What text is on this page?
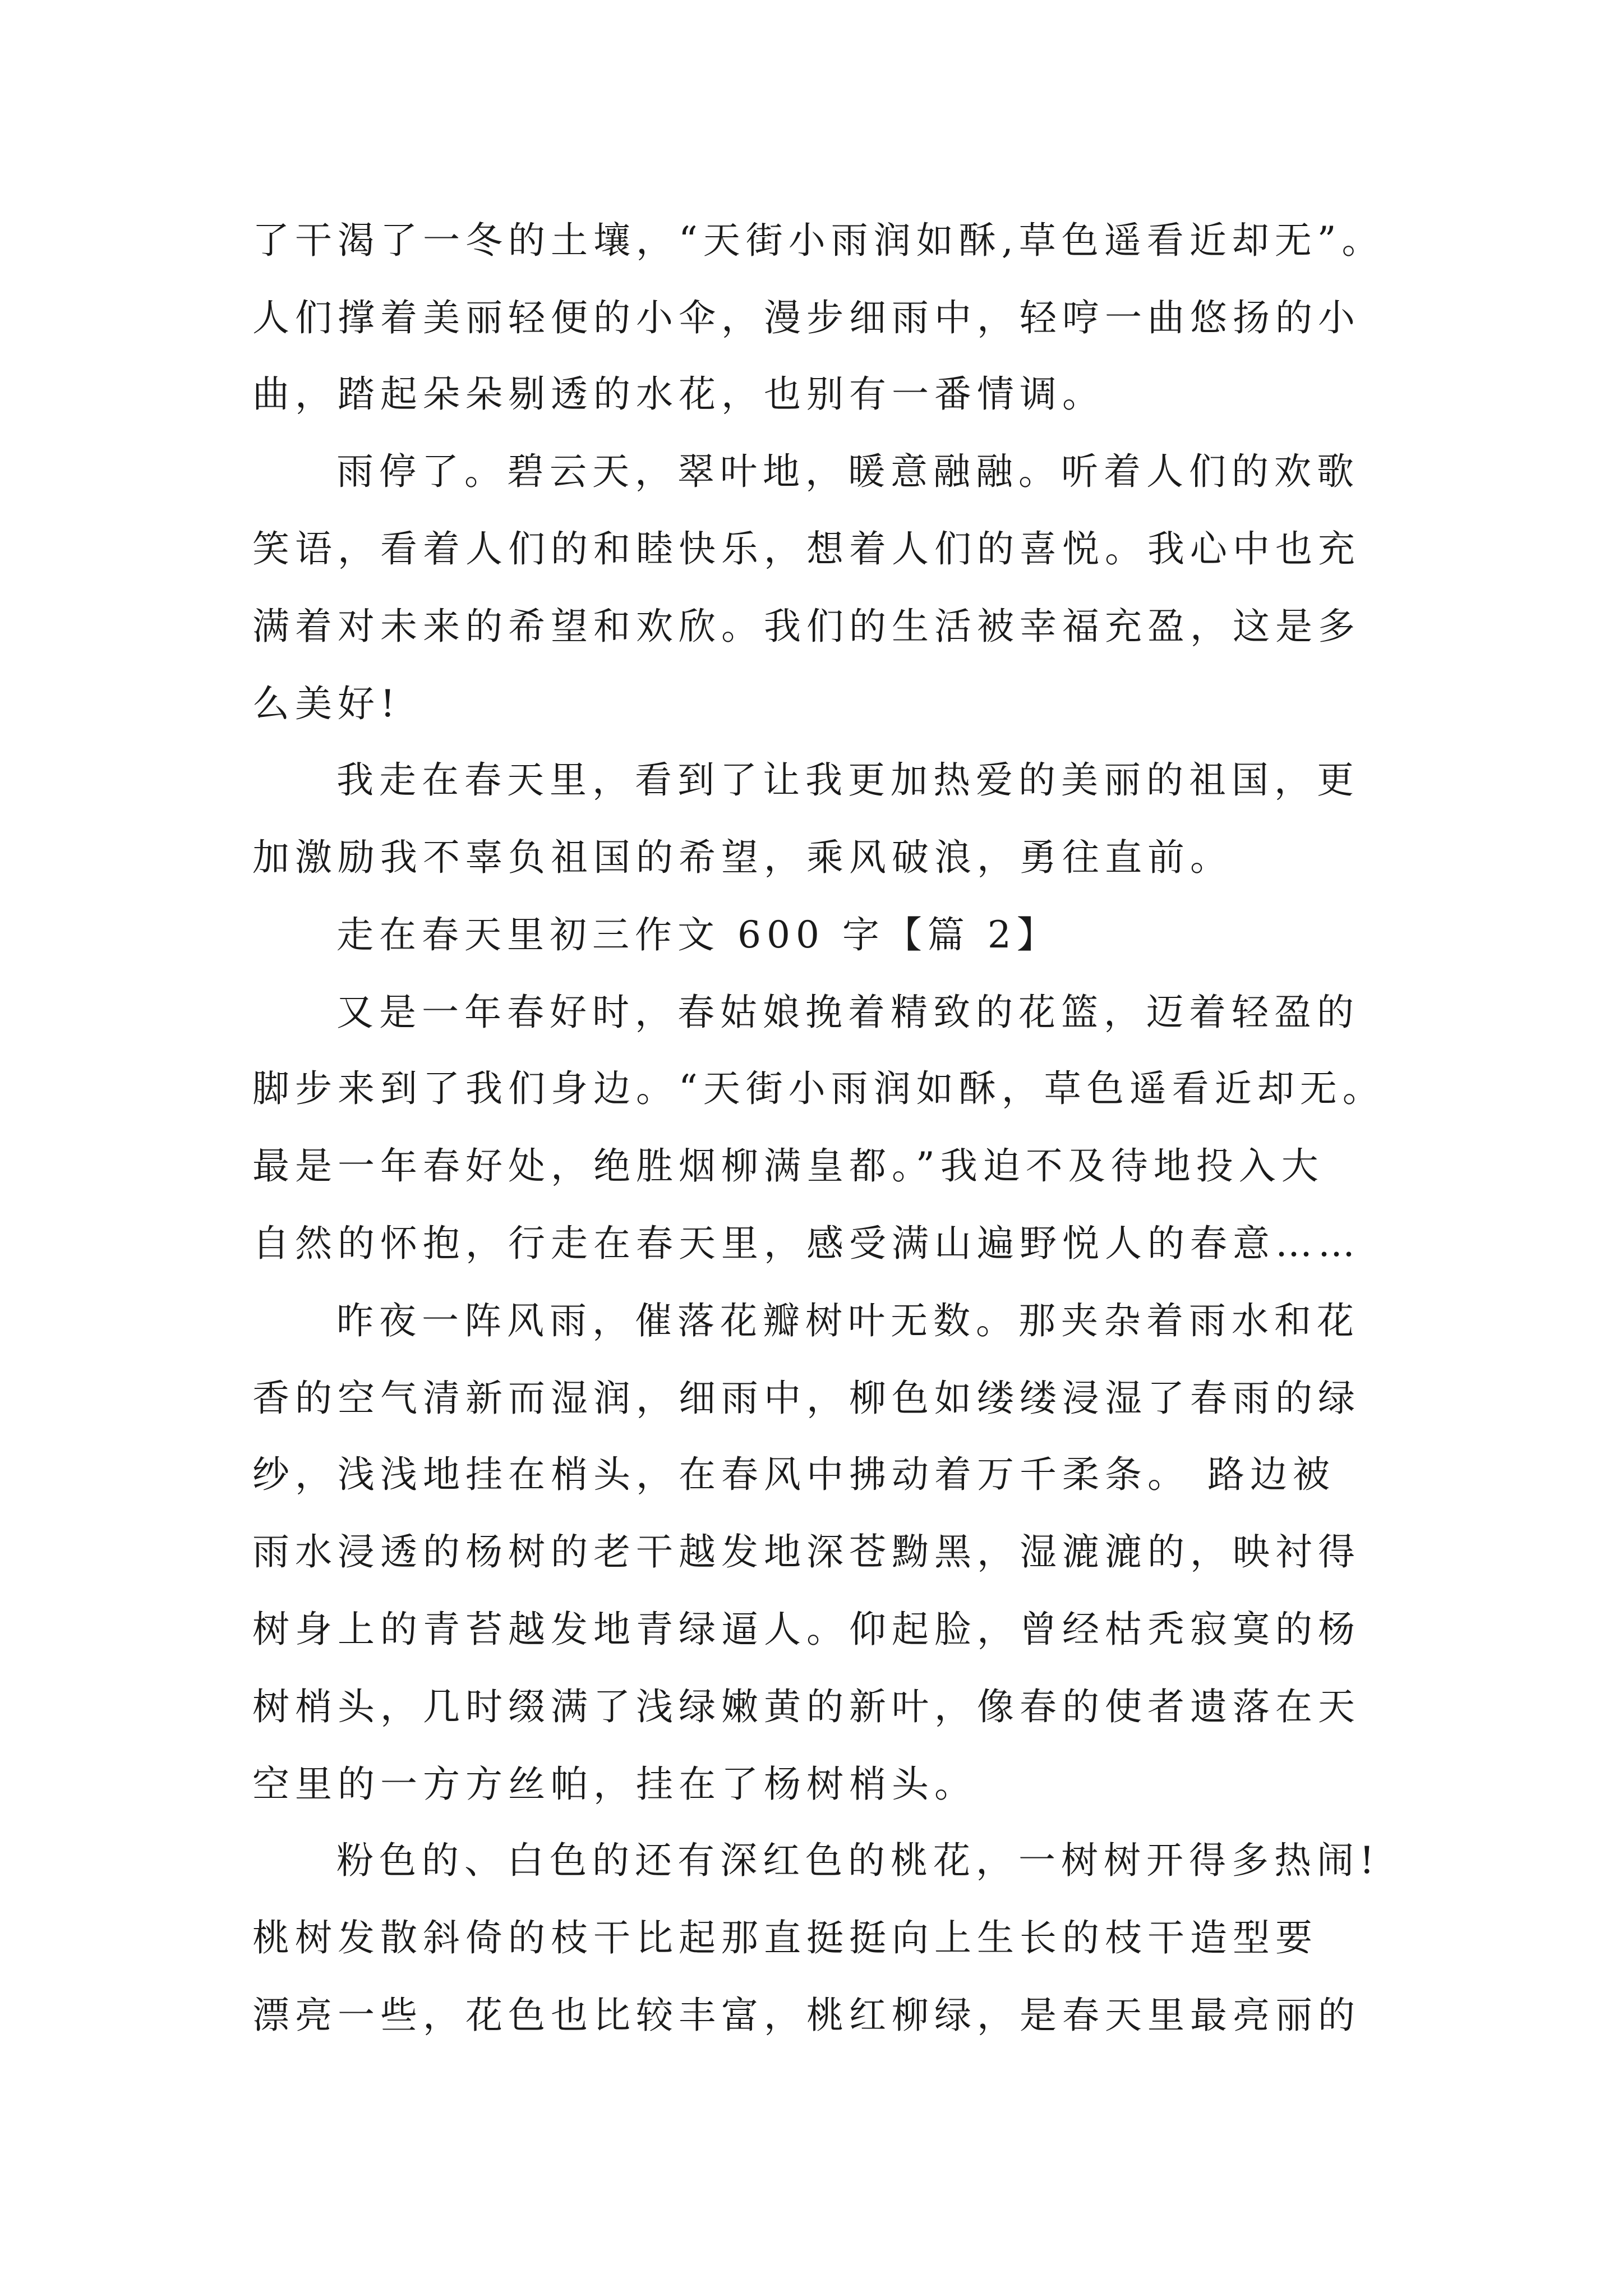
了干渴了一冬的土壤，“天街小雨润如酥,草色遥看近却无”。

人们撑着美丽轻便的小伞，漫步细雨中，轻哼一曲悠扬的小

曲，踏起朵朵剔透的水花，也别有一番情调。

雨停了。碧云天，翠叶地，暖意融融。听着人们的欢歌

笑语，看着人们的和睦快乐，想着人们的喜悦。我心中也充

满着对未来的希望和欢欣。我们的生活被幸福充盈，这是多

么美好!

我走在春天里，看到了让我更加热爱的美丽的祖国，更

加激励我不辜负祖国的希望，乘风破浪，勇往直前。

走在春天里初三作文 600 字【篇 2】

又是一年春好时，春姑娘挽着精致的花篮，迈着轻盈的

脚步来到了我们身边。“天街小雨润如酥，草色遥看近却无。

最是一年春好处，绝胜烟柳满皇都。”我迫不及待地投入大

自然的怀抱，行走在春天里，感受满山遍野悦人的春意……

昨夜一阵风雨，催落花瓣树叶无数。那夹杂着雨水和花

香的空气清新而湿润，细雨中，柳色如缕缕浸湿了春雨的绿

纱，浅浅地挂在梢头，在春风中拂动着万千柔条。 路边被

雨水浸透的杨树的老干越发地深苍黝黑，湿漉漉的，映衬得

树身上的青苔越发地青绿逼人。仰起脸，曾经枯秃寂寞的杨

树梢头，几时缀满了浅绿嫩黄的新叶，像春的使者遗落在天

空里的一方方丝帕，挂在了杨树梢头。

粉色的、白色的还有深红色的桃花，一树树开得多热闹!

桃树发散斜倚的枝干比起那直挺挺向上生长的枝干造型要

漂亮一些，花色也比较丰富，桃红柳绿，是春天里最亮丽的
